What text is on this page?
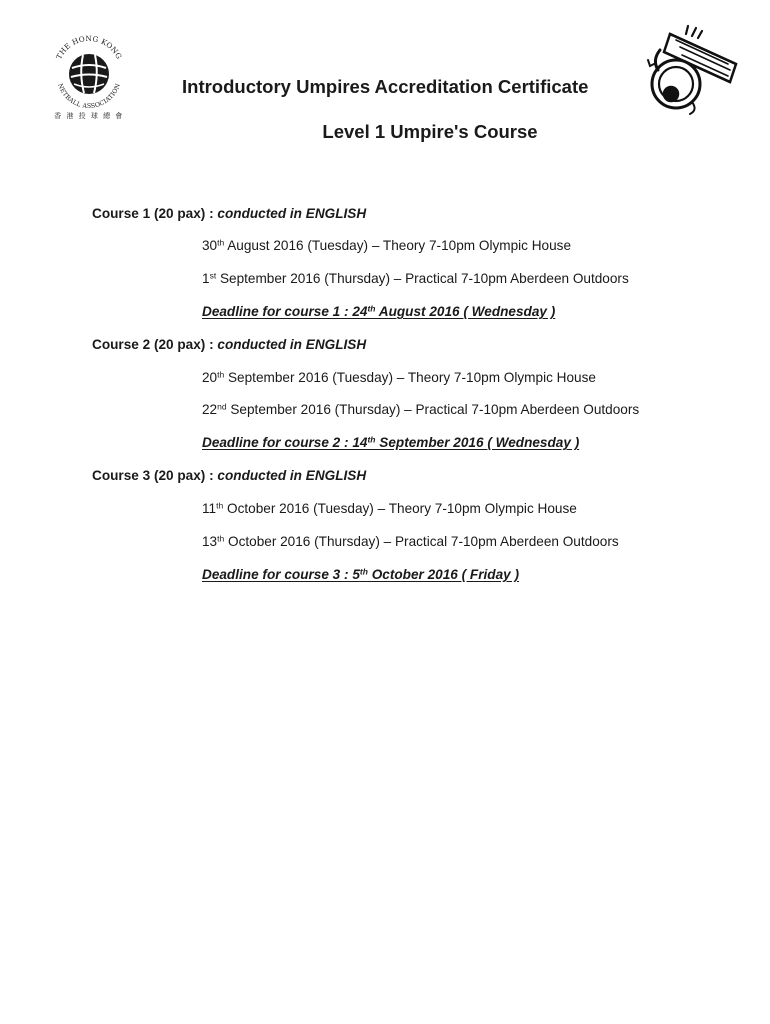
THE HONG KONG
NETBALL ASSOCIATION
香 港 投 球 總 會
Introductory Umpires Accreditation Certificate
Level 1 Umpire's Course
Course 1 (20 pax) : conducted in ENGLISH
30th August 2016 (Tuesday) – Theory 7-10pm Olympic House
1st September 2016 (Thursday) – Practical 7-10pm Aberdeen Outdoors
Deadline for course 1 : 24th August 2016 ( Wednesday )
Course 2 (20 pax) : conducted in ENGLISH
20th September 2016 (Tuesday) – Theory 7-10pm Olympic House
22nd September 2016 (Thursday) – Practical 7-10pm Aberdeen Outdoors
Deadline for course 2 : 14th September 2016 ( Wednesday )
Course 3 (20 pax) : conducted in ENGLISH
11th October 2016 (Tuesday) – Theory 7-10pm Olympic House
13th October 2016 (Thursday) – Practical 7-10pm Aberdeen Outdoors
Deadline for course 3 : 5th October 2016 ( Friday )
